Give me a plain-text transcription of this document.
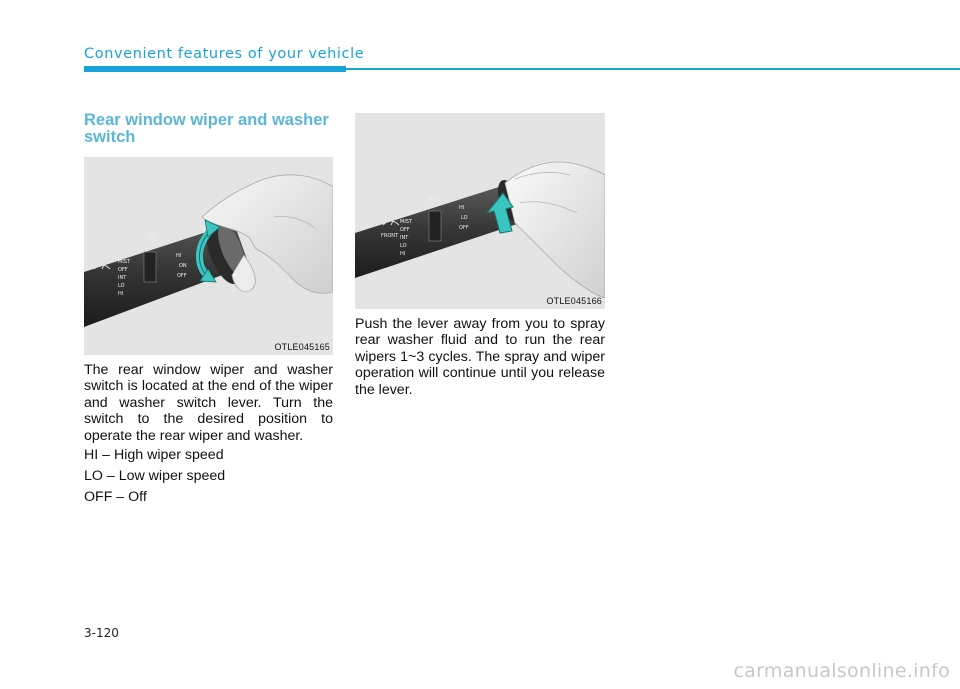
Convenient features of your vehicle
Rear window wiper and washer switch
MIST
OFF
INT
LO
HI
INT
HI
ON
OFF
OTLE045165
AUTO
MIST
OFF
INT
LO
HI
FRONT
HI
LO
OFF
OTLE045166
The rear window wiper and washer switch is located at the end of the wiper and washer switch lever. Turn the switch to the desired position to operate the rear wiper and washer.
Push the lever away from you to spray rear washer fluid and to run the rear wipers 1~3 cycles. The spray and wiper operation will continue until you release the lever.
HI – High wiper speed
LO – Low wiper speed
OFF – Off
3-120
carmanualsonline.info
